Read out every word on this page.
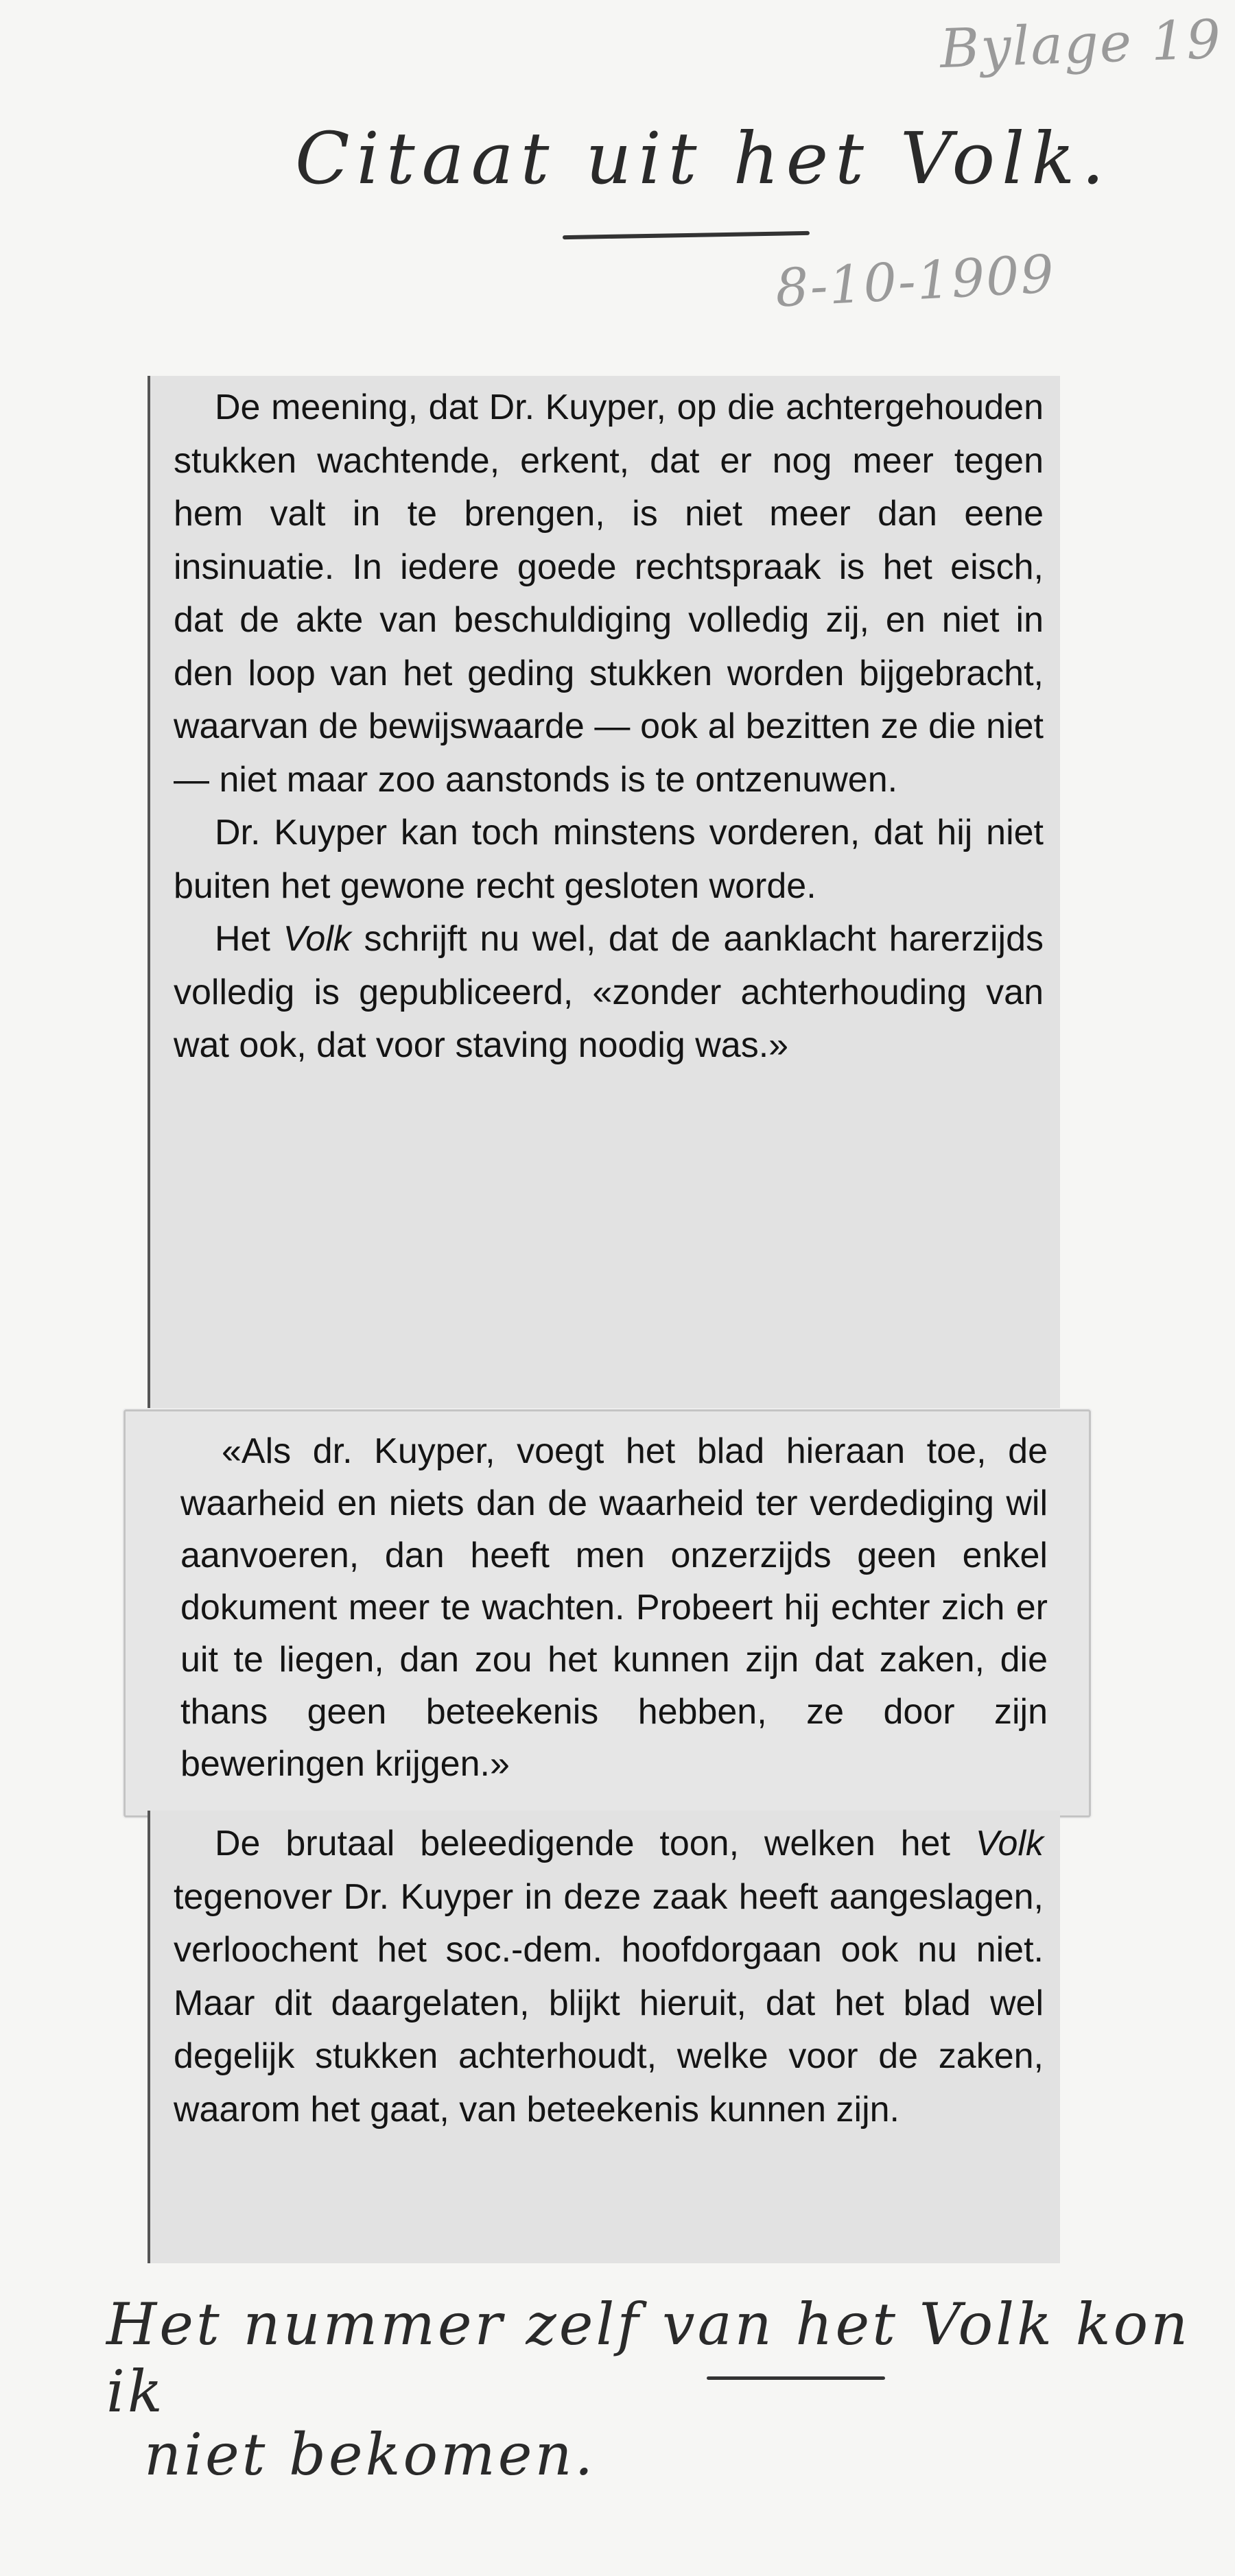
Bylage 19
Citaat uit het Volk.
8-10-1909

De meening, dat Dr. Kuyper, op die achtergehouden stukken wachtende, erkent, dat er nog meer tegen hem valt in te brengen, is niet meer dan eene insinuatie. In iedere goede rechtspraak is het eisch, dat de akte van beschuldiging volledig zij, en niet in den loop van het geding stukken worden bijgebracht, waarvan de bewijswaarde — ook al bezitten ze die niet — niet maar zoo aanstonds is te ontzenuwen.

Dr. Kuyper kan toch minstens vorderen, dat hij niet buiten het gewone recht gesloten worde.

Het Volk schrijft nu wel, dat de aanklacht harerzijds volledig is gepubliceerd, «zonder achterhouding van wat ook, dat voor staving noodig was.»

«Als dr. Kuyper, voegt het blad hieraan toe, de waarheid en niets dan de waarheid ter verdediging wil aanvoeren, dan heeft men onzerzijds geen enkel dokument meer te wachten. Probeert hij echter zich er uit te liegen, dan zou het kunnen zijn dat zaken, die thans geen beteekenis hebben, ze door zijn beweringen krijgen.»

De brutaal beleedigende toon, welken het Volk tegenover Dr. Kuyper in deze zaak heeft aangeslagen, verloochent het soc.-dem. hoofdorgaan ook nu niet. Maar dit daargelaten, blijkt hieruit, dat het blad wel degelijk stukken achterhoudt, welke voor de zaken, waarom het gaat, van beteekenis kunnen zijn.

Het nummer zelf van het Volk kon ik
niet bekomen.
